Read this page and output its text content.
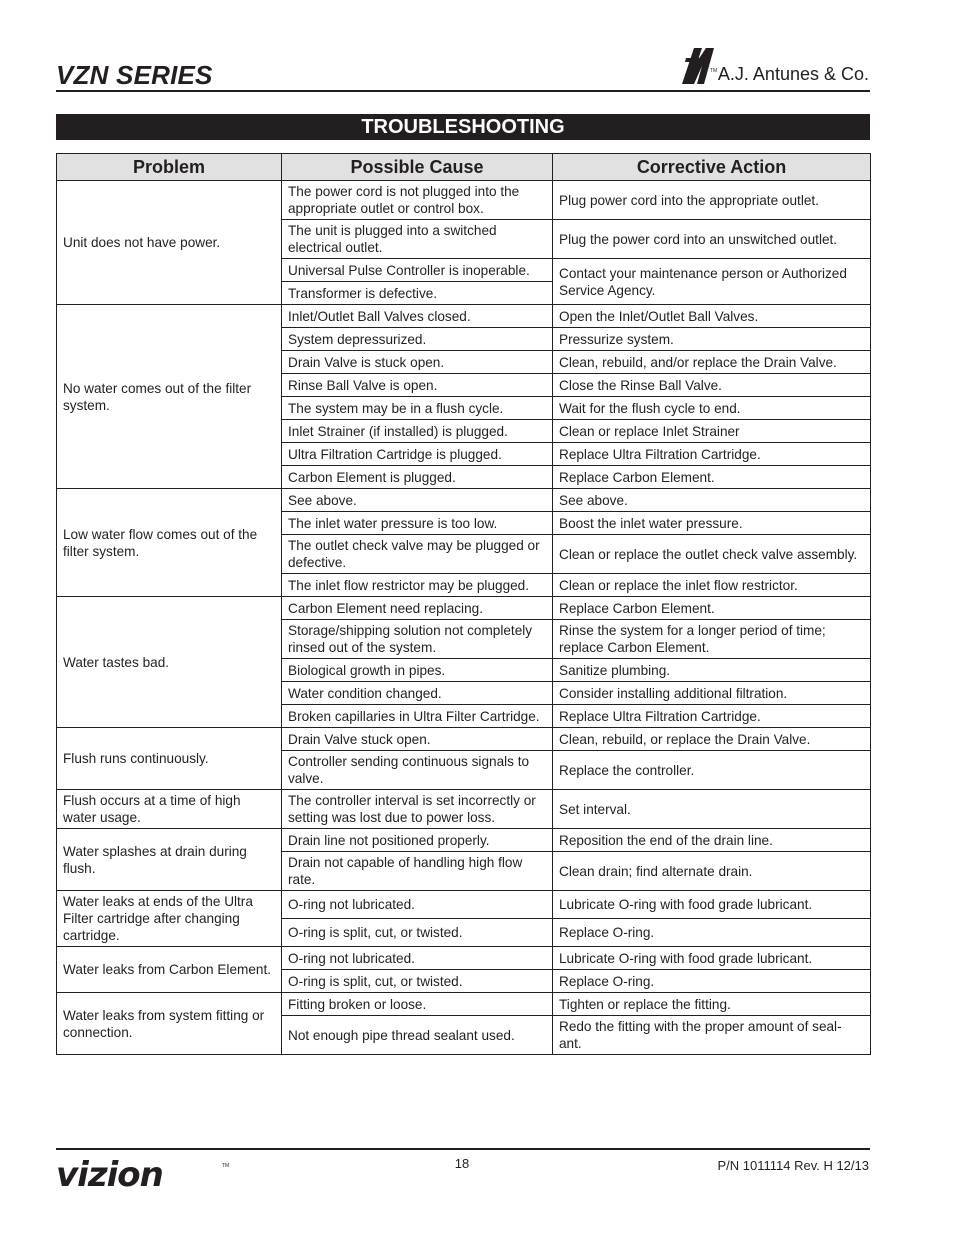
VZN SERIES	TM A.J. Antunes & Co.
TROUBLESHOOTING
Problem	Possible Cause	Corrective Action
Unit does not have power.	The power cord is not plugged into the appropriate outlet or control box.	Plug power cord into the appropriate outlet.
	The unit is plugged into a switched electrical outlet.	Plug the power cord into an unswitched outlet.
	Universal Pulse Controller is inoperable.	Contact your maintenance person or Authorized Service Agency.
	Transformer is defective.	
No water comes out of the filter system.	Inlet/Outlet Ball Valves closed.	Open the Inlet/Outlet Ball Valves.
	System depressurized.	Pressurize system.
	Drain Valve is stuck open.	Clean, rebuild, and/or replace the Drain Valve.
	Rinse Ball Valve is open.	Close the Rinse Ball Valve.
	The system may be in a flush cycle.	Wait for the flush cycle to end.
	Inlet Strainer (if installed) is plugged.	Clean or replace Inlet Strainer
	Ultra Filtration Cartridge is plugged.	Replace Ultra Filtration Cartridge.
	Carbon Element is plugged.	Replace Carbon Element.
Low water flow comes out of the filter system.	See above.	See above.
	The inlet water pressure is too low.	Boost the inlet water pressure.
	The outlet check valve may be plugged or defective.	Clean or replace the outlet check valve assembly.
	The inlet flow restrictor may be plugged.	Clean or replace the inlet flow restrictor.
Water tastes bad.	Carbon Element need replacing.	Replace Carbon Element.
	Storage/shipping solution not completely rinsed out of the system.	Rinse the system for a longer period of time; replace Carbon Element.
	Biological growth in pipes.	Sanitize plumbing.
	Water condition changed.	Consider installing additional filtration.
	Broken capillaries in Ultra Filter Cartridge.	Replace Ultra Filtration Cartridge.
Flush runs continuously.	Drain Valve stuck open.	Clean, rebuild, or replace the Drain Valve.
	Controller sending continuous signals to valve.	Replace the controller.
Flush occurs at a time of high water usage.	The controller interval is set incorrectly or setting was lost due to power loss.	Set interval.
Water splashes at drain during flush.	Drain line not positioned properly.	Reposition the end of the drain line.
	Drain not capable of handling high flow rate.	Clean drain; find alternate drain.
Water leaks at ends of the Ultra Filter cartridge after changing cartridge.	O-ring not lubricated.	Lubricate O-ring with food grade lubricant.
	O-ring is split, cut, or twisted.	Replace O-ring.
Water leaks from Carbon Element.	O-ring not lubricated.	Lubricate O-ring with food grade lubricant.
	O-ring is split, cut, or twisted.	Replace O-ring.
Water leaks from system fitting or connection.	Fitting broken or loose.	Tighten or replace the fitting.
	Not enough pipe thread sealant used.	Redo the fitting with the proper amount of seal-ant.
vizion	TM	18	P/N 1011114 Rev. H 12/13
